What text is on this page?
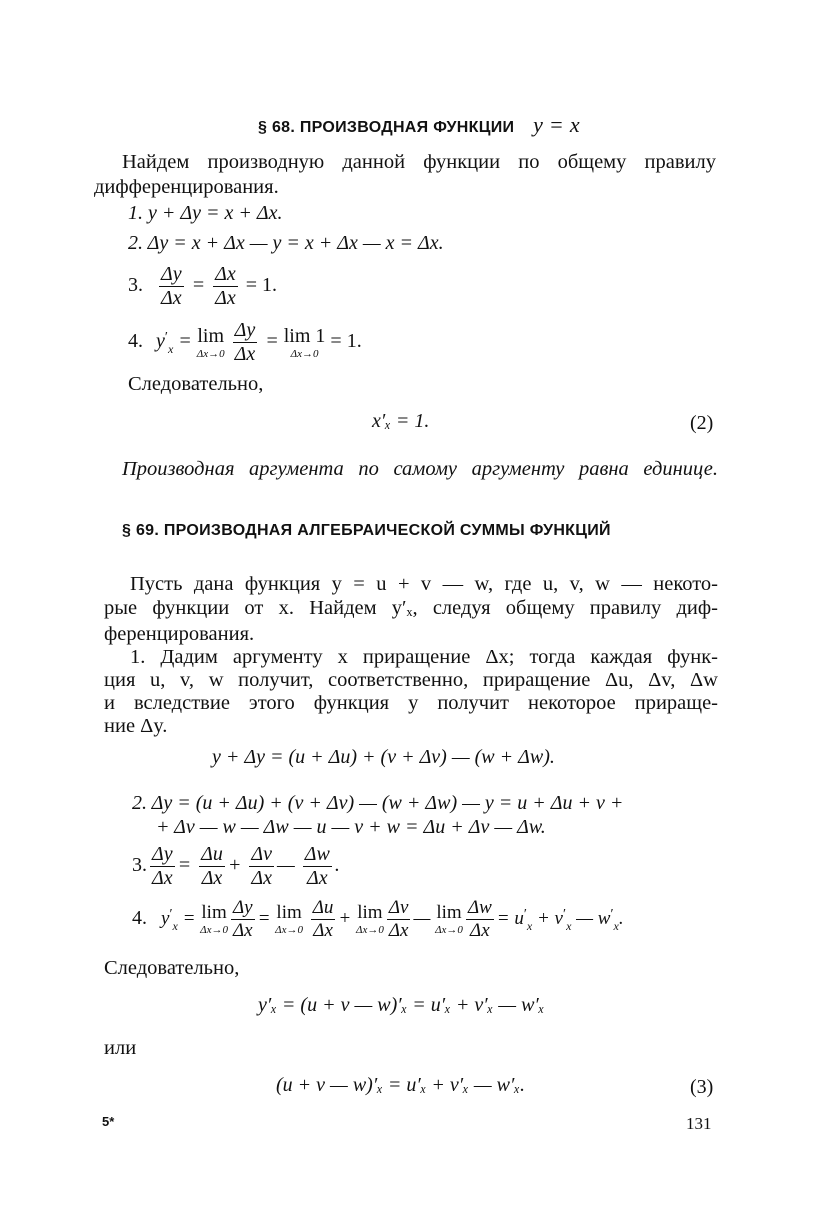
§ 68. ПРОИЗВОДНАЯ ФУНКЦИИ y = x
Найдем производную данной функции по общему правилу
дифференцирования.
1. y + Δy = x + Δx.
2. Δy = x + Δx — y = x + Δx — x = Δx.
3. $\frac{\Delta y}{\Delta x} = \frac{\Delta x}{\Delta x} = 1$.
4. $y'_x = \lim$
Δx→0
$\frac{\Delta y}{\Delta x} = \lim 1$
Δx→0
= 1.
Следовательно,
x′ₓ = 1.	(2)
Производная аргумента по самому аргументу равна единице.
§ 69. ПРОИЗВОДНАЯ АЛГЕБРАИЧЕСКОЙ СУММЫ ФУНКЦИЙ
Пусть дана функция y = u + v — w, где u, v, w — некото-
рые функции от x. Найдем y′ₓ, следуя общему правилу диф-
ференцирования.
1. Дадим аргументу x приращение Δx; тогда каждая функ-
ция u, v, w получит, соответственно, приращение Δu, Δv, Δw
и вследствие этого функция y получит некоторое прираще-
ние Δy.
y + Δy = (u + Δu) + (v + Δv) — (w + Δw).
2. Δy = (u + Δu) + (v + Δv) — (w + Δw) — y = u + Δu + v +
+ Δv — w — Δw — u — v + w = Δu + Δv — Δw.
3. $\frac{\Delta y}{\Delta x} = \frac{\Delta u}{\Delta x} + \frac{\Delta v}{\Delta x}$ — $\frac{\Delta w}{\Delta x}$ .
4. $y'_x = \lim$
$\Delta x\to 0 \frac{\Delta y}{\Delta x} = \lim$
Δx→0
$\frac{\Delta u}{\Delta x} + \lim$
$\Delta x\to 0 \frac{\Delta v}{\Delta x}$ — lim
$\Delta x\to 0 \frac{\Delta w}{\Delta x} = u'_x + v'_x$ — $w'_x$.
Следовательно,
y′ₓ = (u + v — w)′ₓ = u′ₓ + v′ₓ — w′ₓ
или
(u + v — w)′ₓ = u′ₓ + v′ₓ — w′ₓ.	(3)
5*	131
